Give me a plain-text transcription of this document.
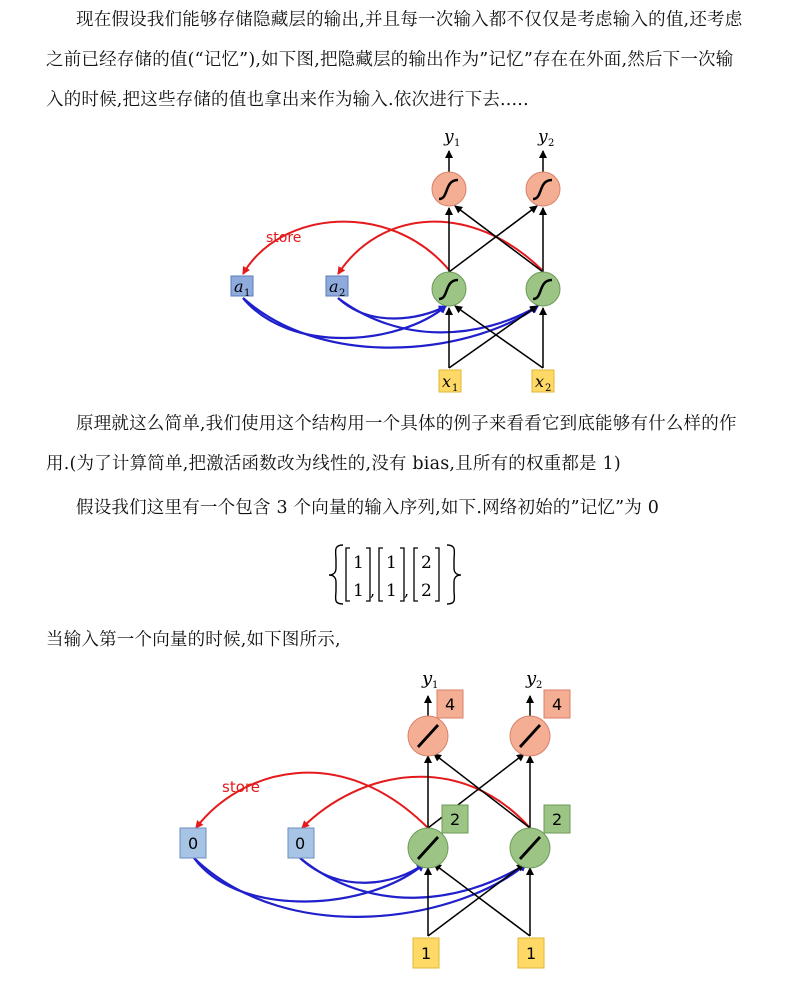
现在假设我们能够存储隐藏层的输出,并且每一次输入都不仅仅是考虑输入的值,还考虑之前已经存储的值(“记忆”),如下图,把隐藏层的输出作为”记忆”存在在外面,然后下一次输入的时候,把这些存储的值也拿出来作为输入.依次进行下去.....
store
a 1	a 2
x 1	x 2
y 1	y 2
原理就这么简单,我们使用这个结构用一个具体的例子来看看它到底能够有什么样的作用.(为了计算简单,把激活函数改为线性的,没有 bias,且所有的权重都是 1)
假设我们这里有一个包含 3 个向量的输入序列,如下.网络初始的”记忆”为 0
1
1 ,
1
1 ,
2
2
当输入第一个向量的时候,如下图所示,
store
4	4
2	2
0	0
1	1
y 1	y 2
